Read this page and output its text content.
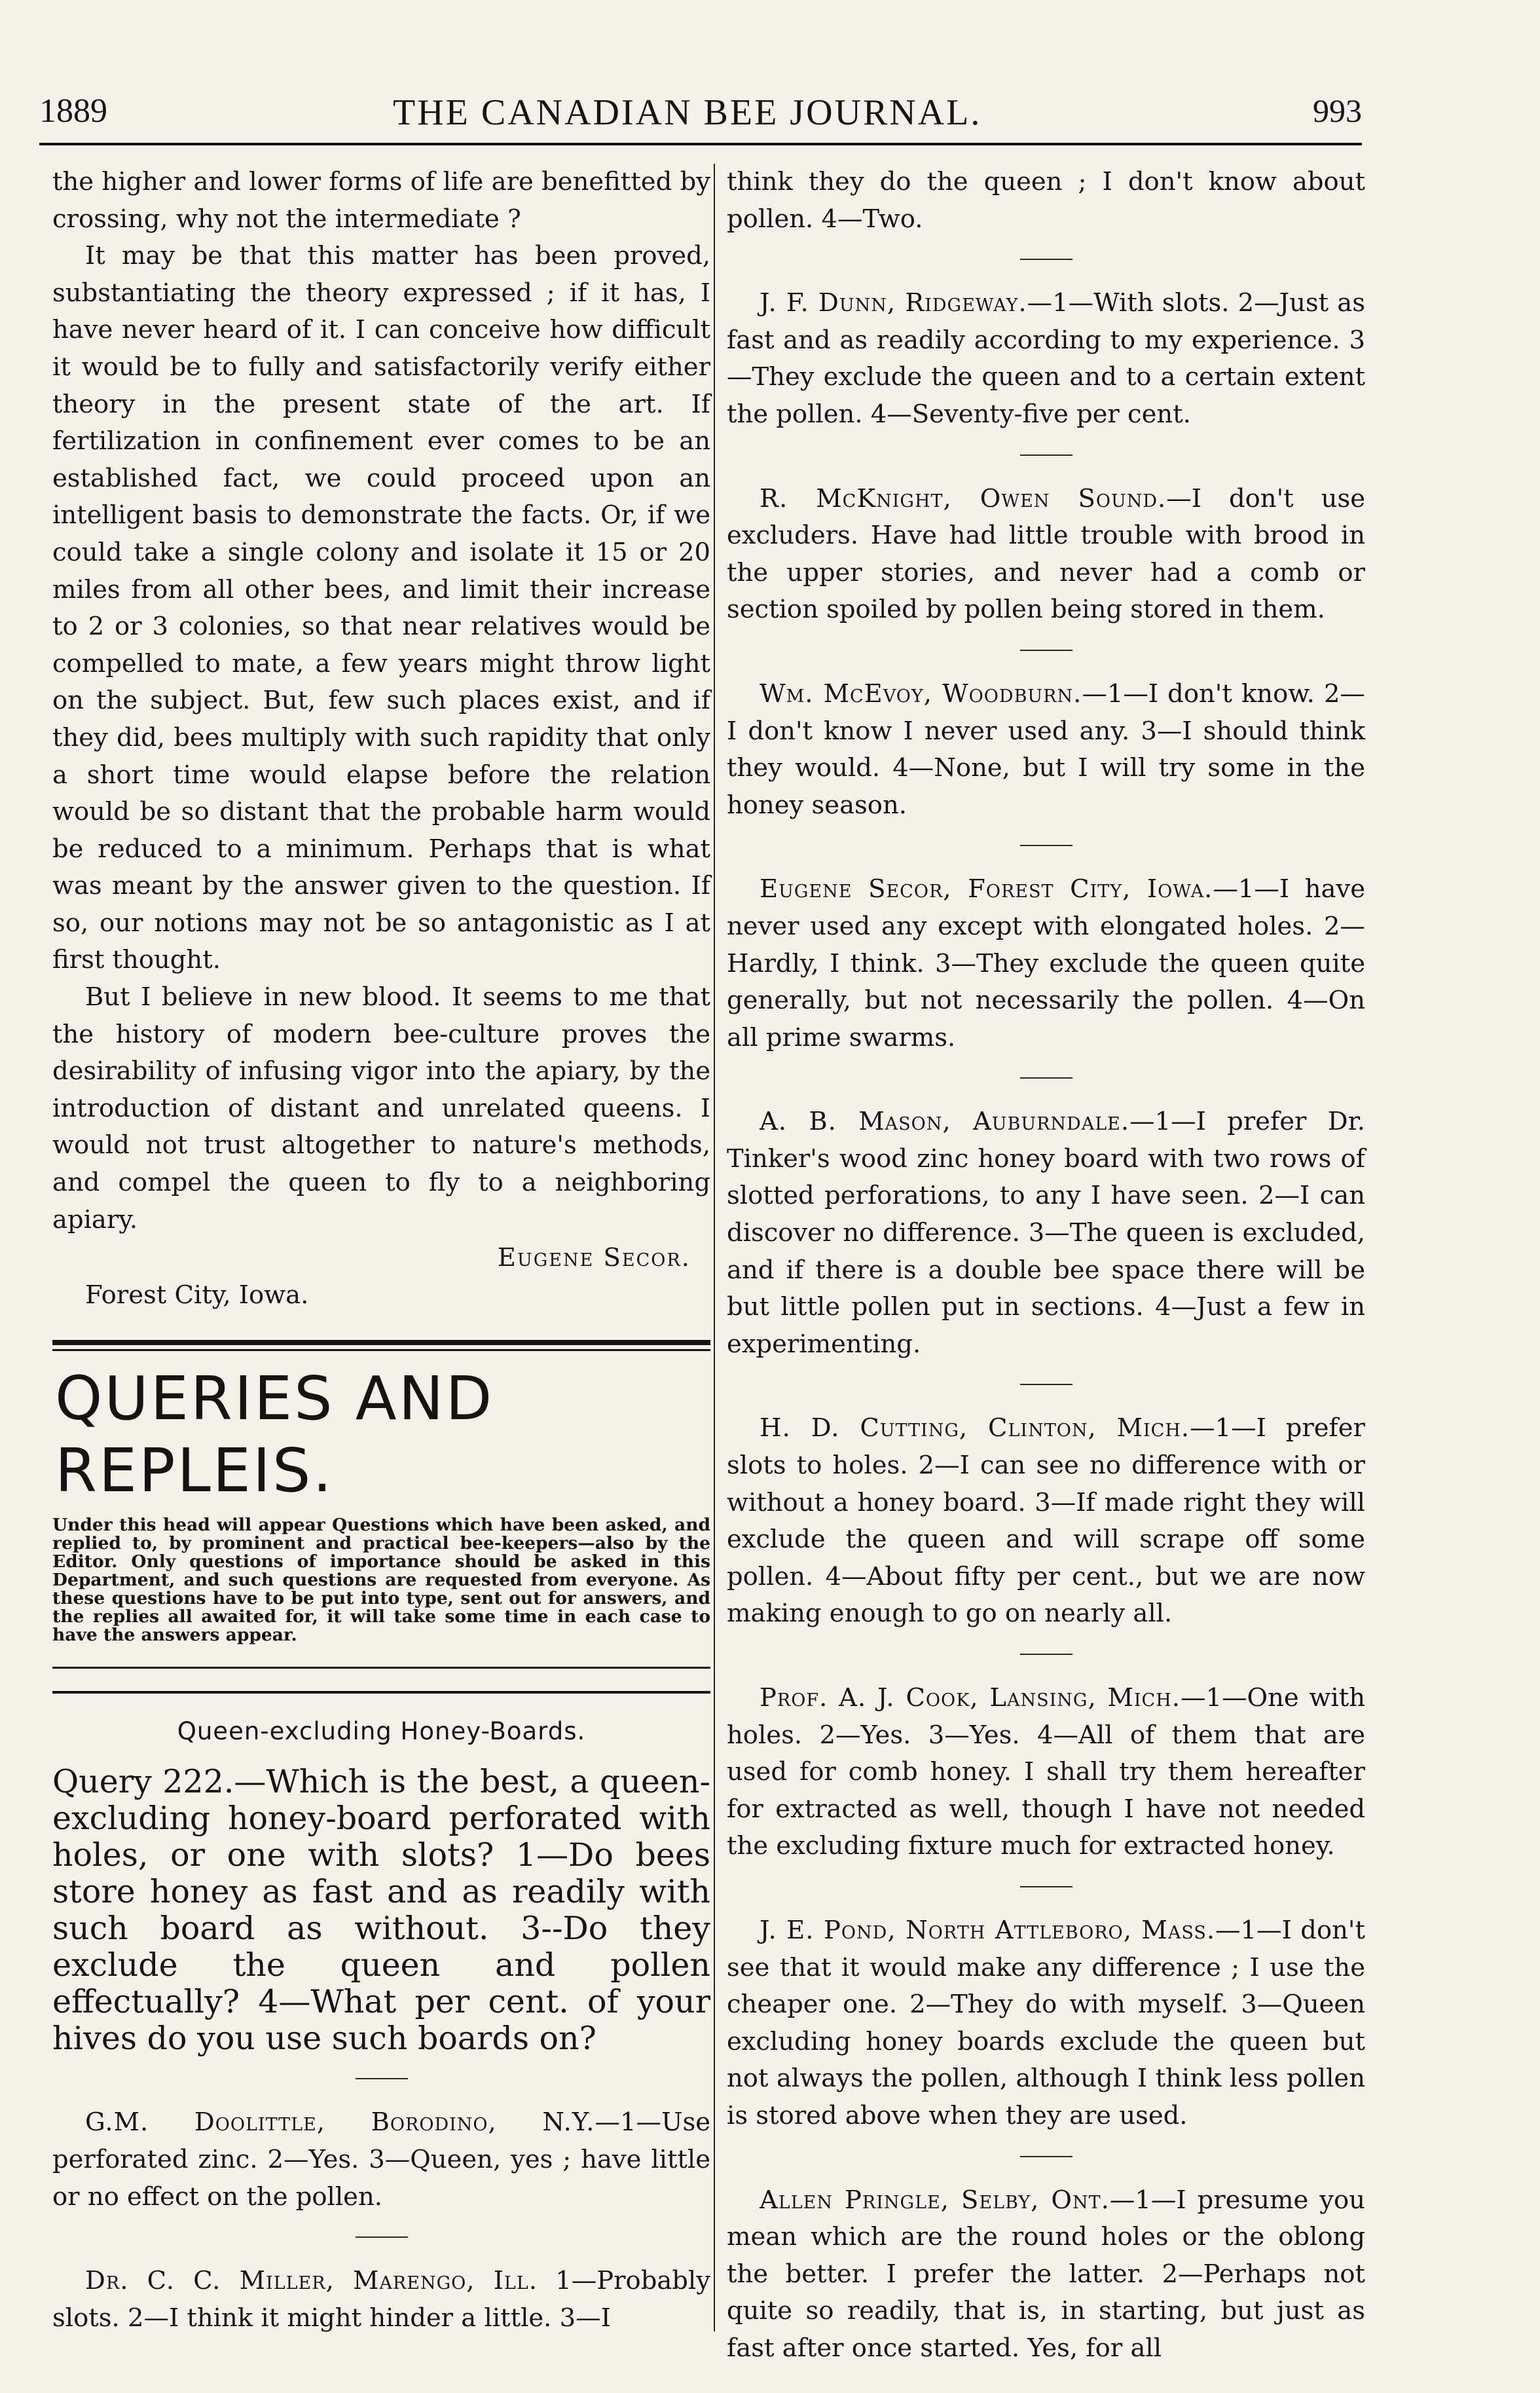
1889	THE CANADIAN BEE JOURNAL.	993

the higher and lower forms of life are benefitted by crossing, why not the intermediate ?

It may be that this matter has been proved, substantiating the theory expressed ; if it has, I have never heard of it. I can conceive how difficult it would be to fully and satisfactorily verify either theory in the present state of the art. If fertilization in confinement ever comes to be an established fact, we could proceed upon an intelligent basis to demonstrate the facts. Or, if we could take a single colony and isolate it 15 or 20 miles from all other bees, and limit their increase to 2 or 3 colonies, so that near relatives would be compelled to mate, a few years might throw light on the subject. But, few such places exist, and if they did, bees multiply with such rapidity that only a short time would elapse before the relation would be so distant that the probable harm would be reduced to a minimum. Perhaps that is what was meant by the answer given to the question. If so, our notions may not be so antagonistic as I at first thought.

But I believe in new blood. It seems to me that the history of modern bee-culture proves the desirability of infusing vigor into the apiary, by the introduction of distant and unrelated queens. I would not trust altogether to nature's methods, and compel the queen to fly to a neighboring apiary.

Eugene Secor.

Forest City, Iowa.

QUERIES AND REPLEIS.

Under this head will appear Questions which have been asked, and replied to, by prominent and practical bee-keepers—also by the Editor. Only questions of importance should be asked in this Department, and such questions are requested from everyone. As these questions have to be put into type, sent out for answers, and the replies all awaited for, it will take some time in each case to have the answers appear.

Queen-excluding Honey-Boards.

Query 222.—Which is the best, a queen-excluding honey-board perforated with holes, or one with slots? 1—Do bees store honey as fast and as readily with such board as without. 3--Do they exclude the queen and pollen effectually? 4—What per cent. of your hives do you use such boards on?

G.M. Doolittle, Borodino, N.Y.—1—Use perforated zinc. 2—Yes. 3—Queen, yes ; have little or no effect on the pollen.

Dr. C. C. Miller, Marengo, Ill. 1—Probably slots. 2—I think it might hinder a little. 3—I

think they do the queen ; I don't know about pollen. 4—Two.

J. F. Dunn, Ridgeway.—1—With slots. 2—Just as fast and as readily according to my experience. 3—They exclude the queen and to a certain extent the pollen. 4—Seventy-five per cent.

R. McKnight, Owen Sound.—I don't use excluders. Have had little trouble with brood in the upper stories, and never had a comb or section spoiled by pollen being stored in them.

Wm. McEvoy, Woodburn.—1—I don't know. 2—I don't know I never used any. 3—I should think they would. 4—None, but I will try some in the honey season.

Eugene Secor, Forest City, Iowa.—1—I have never used any except with elongated holes. 2—Hardly, I think. 3—They exclude the queen quite generally, but not necessarily the pollen. 4—On all prime swarms.

A. B. Mason, Auburndale.—1—I prefer Dr. Tinker's wood zinc honey board with two rows of slotted perforations, to any I have seen. 2—I can discover no difference. 3—The queen is excluded, and if there is a double bee space there will be but little pollen put in sections. 4—Just a few in experimenting.

H. D. Cutting, Clinton, Mich.—1—I prefer slots to holes. 2—I can see no difference with or without a honey board. 3—If made right they will exclude the queen and will scrape off some pollen. 4—About fifty per cent., but we are now making enough to go on nearly all.

Prof. A. J. Cook, Lansing, Mich.—1—One with holes. 2—Yes. 3—Yes. 4—All of them that are used for comb honey. I shall try them hereafter for extracted as well, though I have not needed the excluding fixture much for extracted honey.

J. E. Pond, North Attleboro, Mass.—1—I don't see that it would make any difference ; I use the cheaper one. 2—They do with myself. 3—Queen excluding honey boards exclude the queen but not always the pollen, although I think less pollen is stored above when they are used.

Allen Pringle, Selby, Ont.—1—I presume you mean which are the round holes or the oblong the better. I prefer the latter. 2—Perhaps not quite so readily, that is, in starting, but just as fast after once started. Yes, for all
